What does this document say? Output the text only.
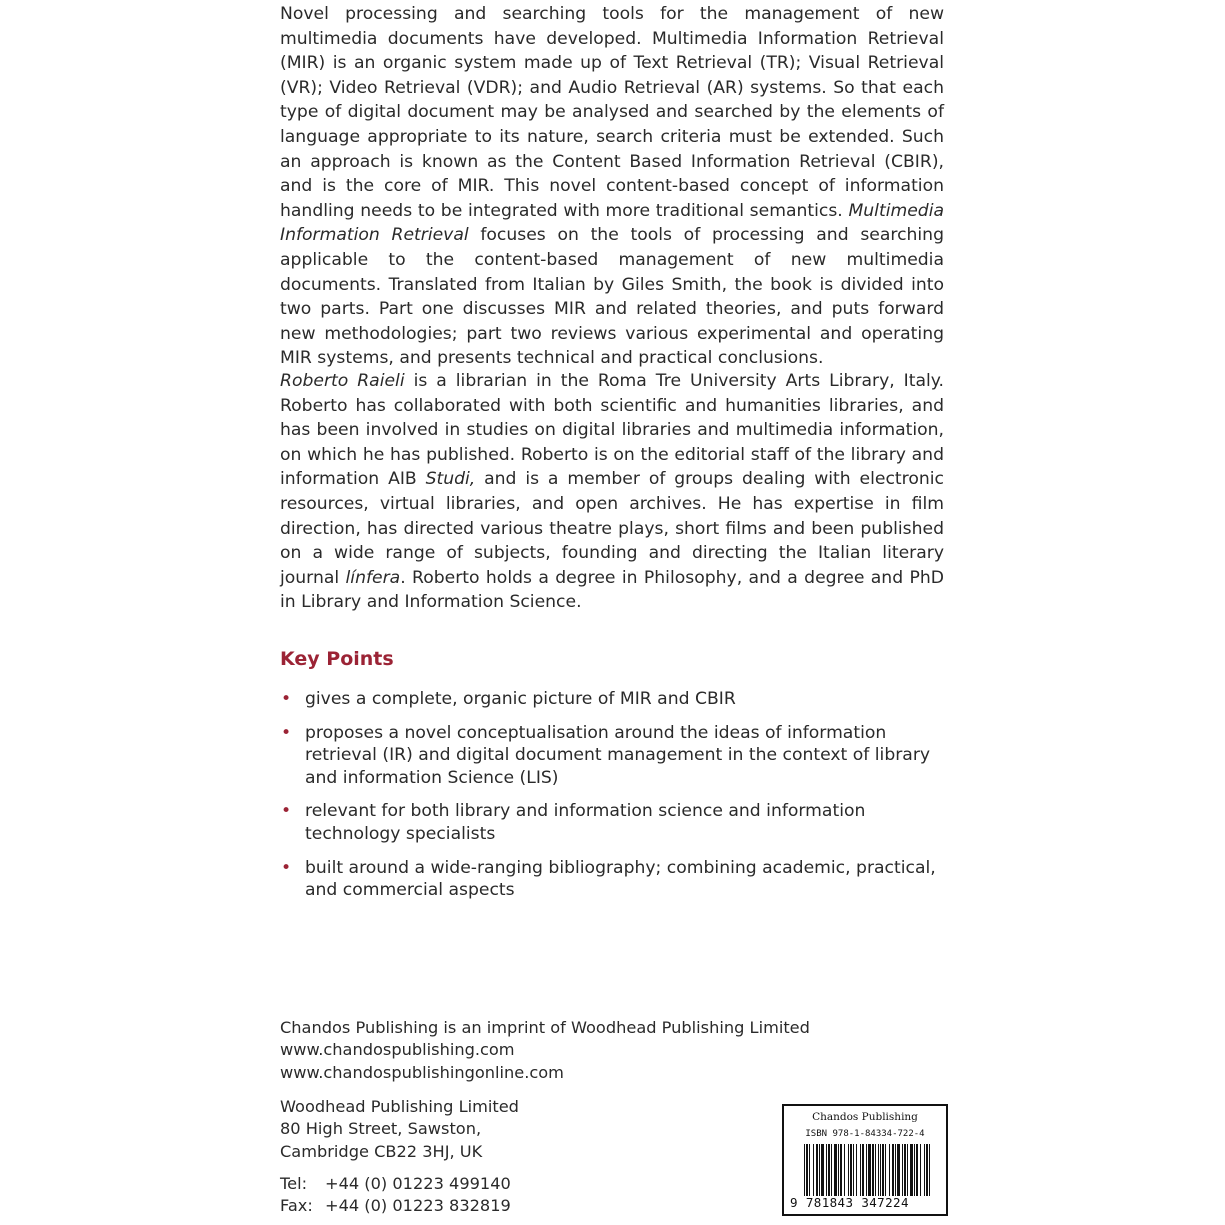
Novel processing and searching tools for the management of new multimedia documents have developed. Multimedia Information Retrieval (MIR) is an organic system made up of Text Retrieval (TR); Visual Retrieval (VR); Video Retrieval (VDR); and Audio Retrieval (AR) systems. So that each type of digital document may be analysed and searched by the elements of language appropriate to its nature, search criteria must be extended. Such an approach is known as the Content Based Information Retrieval (CBIR), and is the core of MIR. This novel content-based concept of information handling needs to be integrated with more traditional semantics. Multimedia Information Retrieval focuses on the tools of processing and searching applicable to the content-based management of new multimedia documents. Translated from Italian by Giles Smith, the book is divided into two parts. Part one discusses MIR and related theories, and puts forward new methodologies; part two reviews various experimental and operating MIR systems, and presents technical and practical conclusions.

Roberto Raieli is a librarian in the Roma Tre University Arts Library, Italy. Roberto has collaborated with both scientific and humanities libraries, and has been involved in studies on digital libraries and multimedia information, on which he has published. Roberto is on the editorial staff of the library and information AIB Studi, and is a member of groups dealing with electronic resources, virtual libraries, and open archives. He has expertise in film direction, has directed various theatre plays, short films and been published on a wide range of subjects, founding and directing the Italian literary journal línfera. Roberto holds a degree in Philosophy, and a degree and PhD in Library and Information Science.

Key Points
• gives a complete, organic picture of MIR and CBIR
• proposes a novel conceptualisation around the ideas of information retrieval (IR) and digital document management in the context of library and information Science (LIS)
• relevant for both library and information science and information technology specialists
• built around a wide-ranging bibliography; combining academic, practical, and commercial aspects
Chandos Publishing is an imprint of Woodhead Publishing Limited
www.chandospublishing.com
www.chandospublishingonline.com
Woodhead Publishing Limited
80 High Street, Sawston,
Cambridge CB22 3HJ, UK
Tel: +44 (0) 01223 499140
Fax: +44 (0) 01223 832819
Chandos Publishing
ISBN 978-1-84334-722-4
9 781843 347224
